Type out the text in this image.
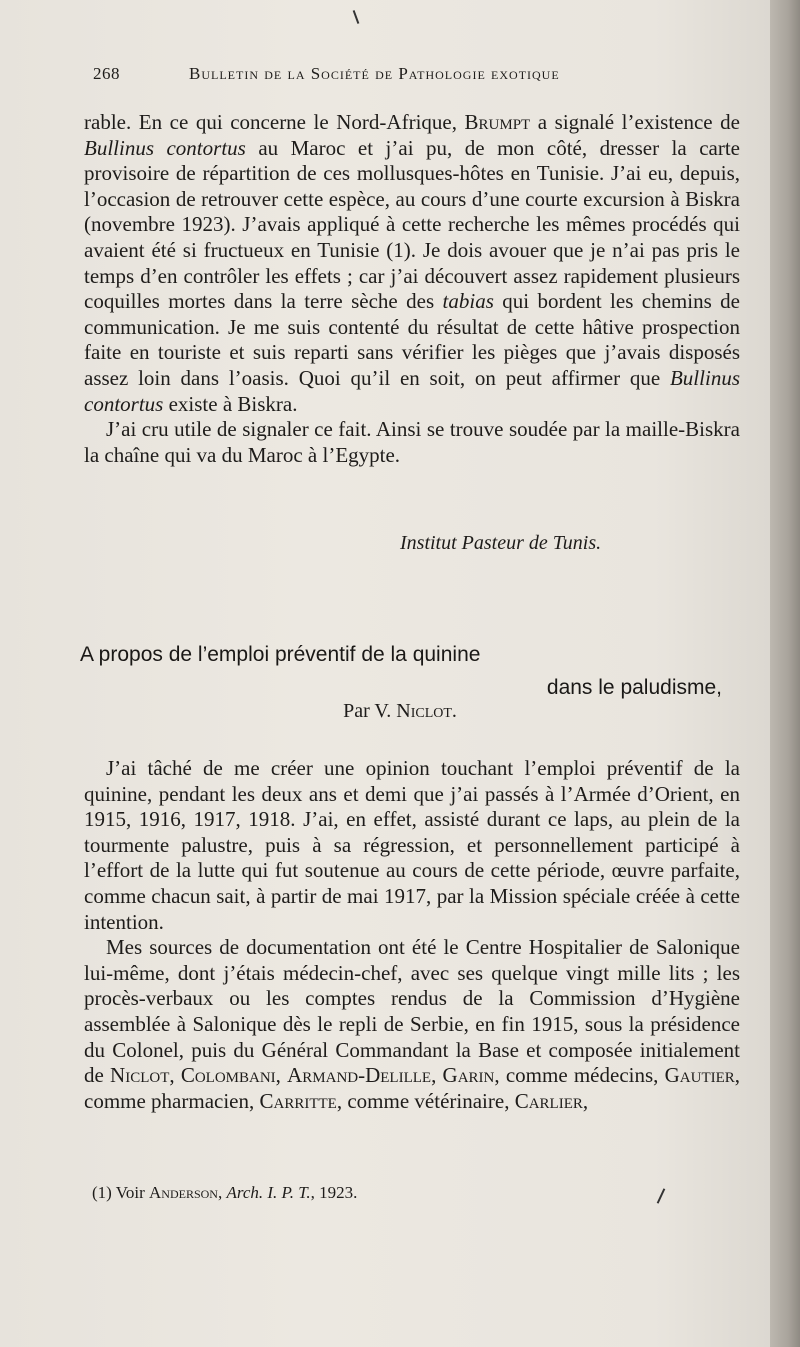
268	Bulletin de la Société de Pathologie exotique

rable. En ce qui concerne le Nord-Afrique, Brumpt a signalé l’existence de Bullinus contortus au Maroc et j’ai pu, de mon côté, dresser la carte provisoire de répartition de ces mollusques-hôtes en Tunisie. J’ai eu, depuis, l’occasion de retrouver cette espèce, au cours d’une courte excursion à Biskra (novembre 1923). J’avais appliqué à cette recherche les mêmes procédés qui avaient été si fructueux en Tunisie (1). Je dois avouer que je n’ai pas pris le temps d’en contrôler les effets ; car j’ai découvert assez rapidement plusieurs coquilles mortes dans la terre sèche des tabias qui bordent les chemins de communication. Je me suis contenté du résultat de cette hâtive prospection faite en touriste et suis reparti sans vérifier les pièges que j’avais disposés assez loin dans l’oasis. Quoi qu’il en soit, on peut affirmer que Bullinus contortus existe à Biskra.

J’ai cru utile de signaler ce fait. Ainsi se trouve soudée par la maille-Biskra la chaîne qui va du Maroc à l’Egypte.

Institut Pasteur de Tunis.
A propos de l’emploi préventif de la quinine
dans le paludisme,
Par V. Niclot.

J’ai tâché de me créer une opinion touchant l’emploi préventif de la quinine, pendant les deux ans et demi que j’ai passés à l’Armée d’Orient, en 1915, 1916, 1917, 1918. J’ai, en effet, assisté durant ce laps, au plein de la tourmente palustre, puis à sa régression, et personnellement participé à l’effort de la lutte qui fut soutenue au cours de cette période, œuvre parfaite, comme chacun sait, à partir de mai 1917, par la Mission spéciale créée à cette intention.

Mes sources de documentation ont été le Centre Hospitalier de Salonique lui-même, dont j’étais médecin-chef, avec ses quelque vingt mille lits ; les procès-verbaux ou les comptes rendus de la Commission d’Hygiène assemblée à Salonique dès le repli de Serbie, en fin 1915, sous la présidence du Colonel, puis du Général Commandant la Base et composée initialement de Niclot, Colombani, Armand-Delille, Garin, comme médecins, Gautier, comme pharmacien, Carritte, comme vétérinaire, Carlier,

(1) Voir Anderson, Arch. I. P. T., 1923.
